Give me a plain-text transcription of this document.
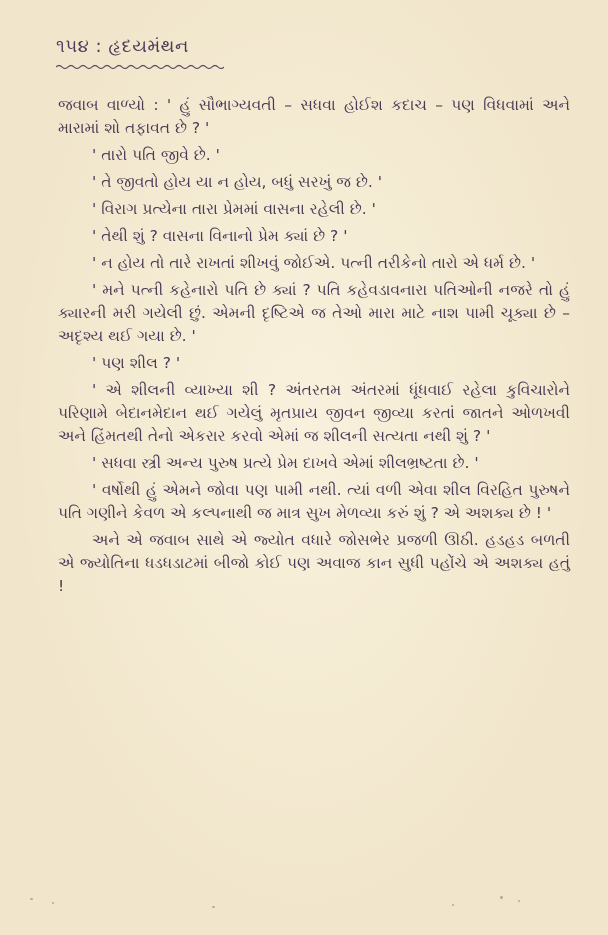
૧૫૪ : હૃદયમંથન

જવાબ વાળ્યો : ' હું સૌભાગ્યવતી – સધવા હોઈશ કદાચ – પણ વિધવામાં અને મારામાં શો તફાવત છે ? '

' તારો પતિ જીવે છે. '

' તે જીવતો હોય યા ન હોય, બધું સરખું જ છે. '

' વિરાગ પ્રત્યેના તારા પ્રેમમાં વાસના રહેલી છે. '

' તેથી શું ? વાસના વિનાનો પ્રેમ ક્યાં છે ? '

' ન હોય તો તારે રાખતાં શીખવું જોઈએ. પત્ની તરીકેનો તારો એ ધર્મ છે. '

' મને પત્ની કહેનારો પતિ છે ક્યાં ? પતિ કહેવડાવનારા પતિઓની નજરે તો હું ક્યારની મરી ગયેલી છું. એમની દૃષ્ટિએ જ તેઓ મારા માટે નાશ પામી ચૂક્યા છે – અદૃશ્ય થઈ ગયા છે. '

' પણ શીલ ? '

' એ શીલની વ્યાખ્યા શી ? અંતરતમ અંતરમાં ધૂંધવાઈ રહેલા કુવિચારોને પરિણામે બેદાનમેદાન થઈ ગયેલું મૃતપ્રાય જીવન જીવ્યા કરતાં જાતને ઓળખવી અને હિંમતથી તેનો એકરાર કરવો એમાં જ શીલની સત્યતા નથી શું ? '

' સધવા સ્ત્રી અન્ય પુરુષ પ્રત્યે પ્રેમ દાખવે એમાં શીલભ્રષ્ટતા છે. '

' વર્ષોથી હું એમને જોવા પણ પામી નથી. ત્યાં વળી એવા શીલ વિરહિત પુરુષને પતિ ગણીને કેવળ એ કલ્પનાથી જ માત્ર સુખ મેળવ્યા કરું શું ? એ અશક્ય છે ! '

અને એ જવાબ સાથે એ જ્યોત વધારે જોસભેર પ્રજળી ઊઠી. હડહડ બળતી એ જ્યોતિના ધડધડાટમાં બીજો કોઈ પણ અવાજ કાન સુધી પહોંચે એ અશક્ય હતું !
